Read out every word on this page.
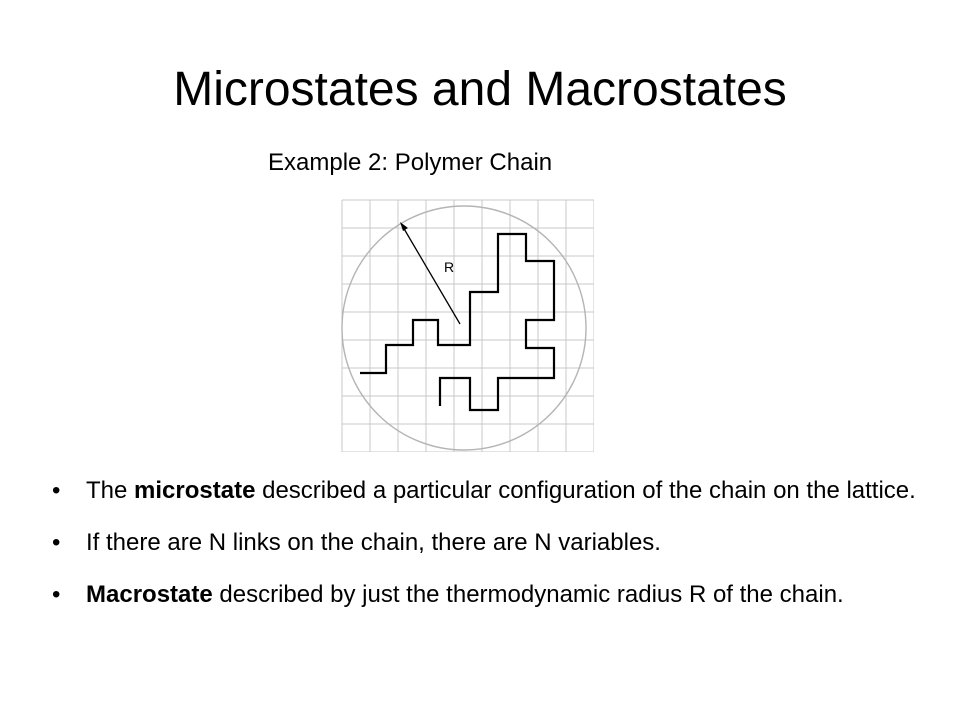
Microstates and Macrostates
Example 2: Polymer Chain
R
• The microstate described a particular configuration of the chain on the lattice.
• If there are N links on the chain, there are N variables.
• Macrostate described by just the thermodynamic radius R of the chain.
